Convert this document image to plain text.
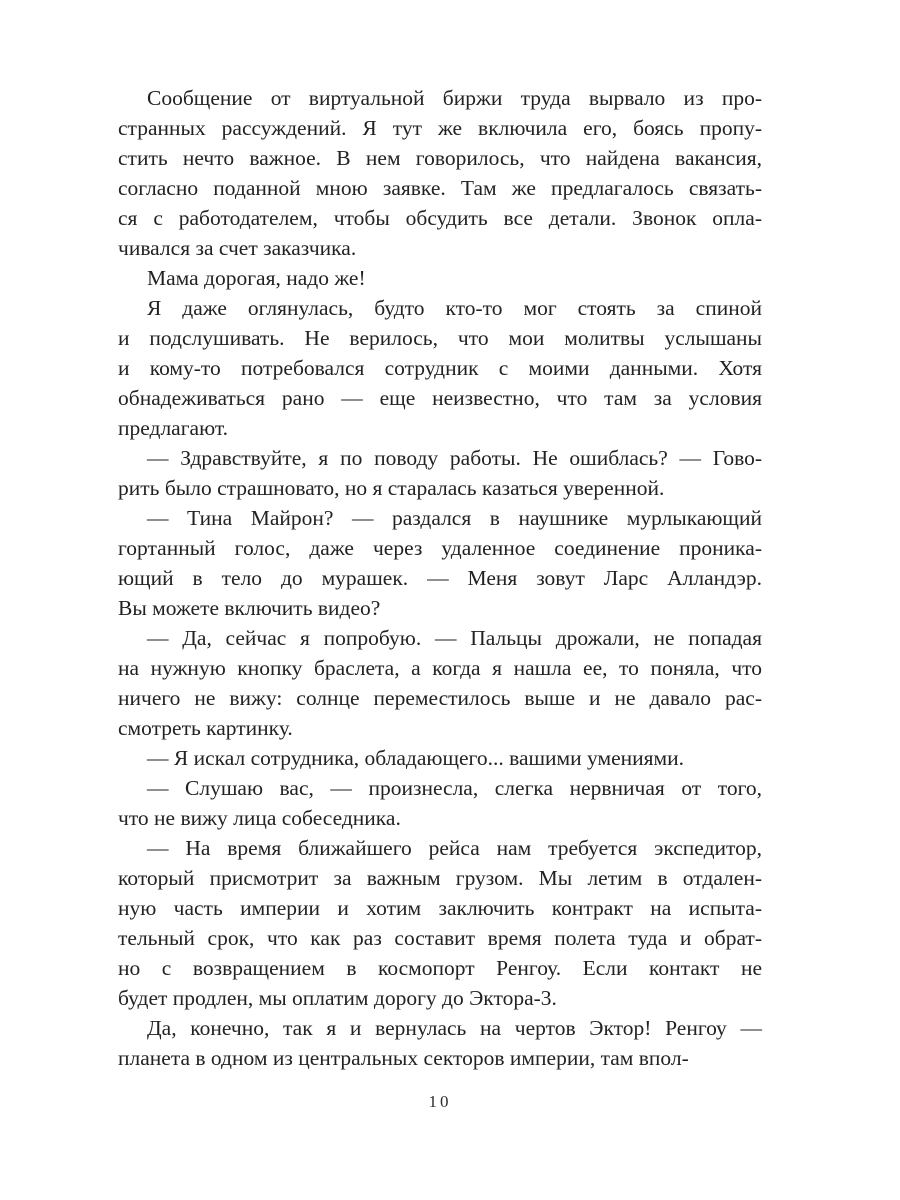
Сообщение от виртуальной биржи труда вырвало из про-
странных рассуждений. Я тут же включила его, боясь пропу-
стить нечто важное. В нем говорилось, что найдена вакансия,
согласно поданной мною заявке. Там же предлагалось связать-
ся с работодателем, чтобы обсудить все детали. Звонок опла-
чивался за счет заказчика.
Мама дорогая, надо же!
Я даже оглянулась, будто кто-то мог стоять за спиной
и подслушивать. Не верилось, что мои молитвы услышаны
и кому-то потребовался сотрудник с моими данными. Хотя
обнадеживаться рано — еще неизвестно, что там за условия
предлагают.
— Здравствуйте, я по поводу работы. Не ошиблась? — Гово-
рить было страшновато, но я старалась казаться уверенной.
— Тина Майрон? — раздался в наушнике мурлыкающий
гортанный голос, даже через удаленное соединение проника-
ющий в тело до мурашек. — Меня зовут Ларс Алландэр.
Вы можете включить видео?
— Да, сейчас я попробую. — Пальцы дрожали, не попадая
на нужную кнопку браслета, а когда я нашла ее, то поняла, что
ничего не вижу: солнце переместилось выше и не давало рас-
смотреть картинку.
— Я искал сотрудника, обладающего... вашими умениями.
— Слушаю вас, — произнесла, слегка нервничая от того,
что не вижу лица собеседника.
— На время ближайшего рейса нам требуется экспедитор,
который присмотрит за важным грузом. Мы летим в отдален-
ную часть империи и хотим заключить контракт на испыта-
тельный срок, что как раз составит время полета туда и обрат-
но с возвращением в космопорт Ренгоу. Если контакт не
будет продлен, мы оплатим дорогу до Эктора-3.
Да, конечно, так я и вернулась на чертов Эктор! Ренгоу —
планета в одном из центральных секторов империи, там впол-
10
